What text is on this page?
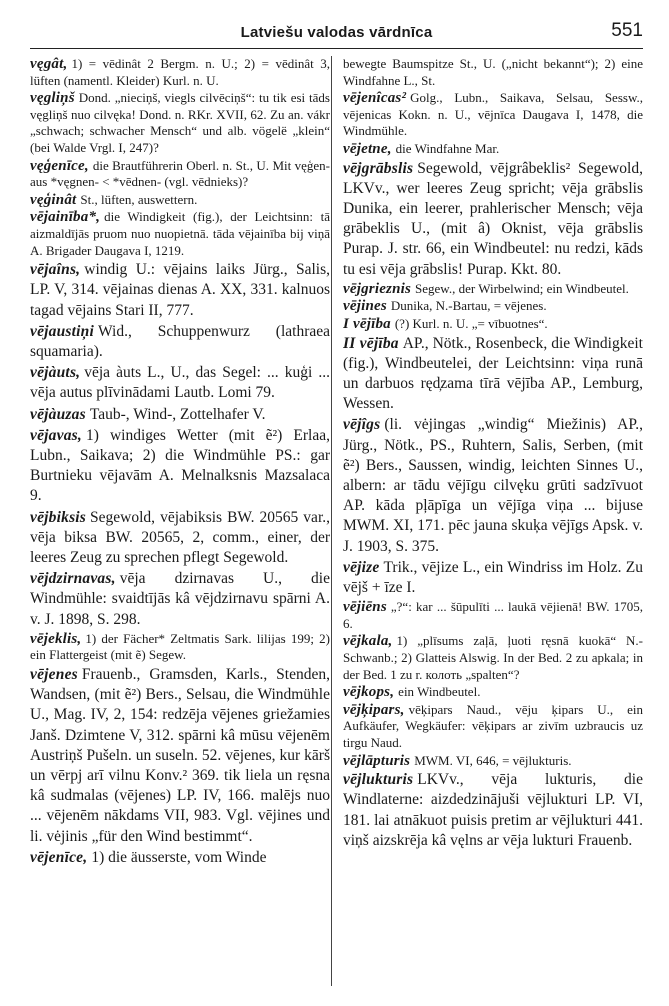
Latviešu valodas vārdnīca	551

vęgât, 1) = vēdinât 2 Bergm. n. U.; 2) = vēdinât 3, lüften (namentl. Kleider) Kurl. n. U.

vęgliņš Dond. „nieciņš, viegls cilvēciņš“: tu tik esi tāds vęgliņš nuo cilvęka! Dond. n. RKr. XVII, 62. Zu an. vákr „schwach; schwacher Mensch“ und alb. vögelë „klein“ (bei Walde Vrgl. I, 247)?

vęģenīce, die Brautführerin Oberl. n. St., U. Mit vęģen- aus *vęgnen- < *vēdnen- (vgl. vēdnieks)?

vęģinât St., lüften, auswettern.

vējainība*, die Windigkeit (fig.), der Leichtsinn: tā aizmaldījās pruom nuo nuopietnā. tāda vējainība bij viņā A. Brigader Daugava I, 1219.

vējaîns, windig U.: vējains laiks Jürg., Salis, LP. V, 314. vējainas dienas A. XX, 331. kalnuos tagad vējains Stari II, 777.

vējaustiņi Wid., Schuppenwurz (lathraea squamaria).

vējàuts, vēja àuts L., U., das Segel: ... kuģi ... vēja autus plīvinādami Lautb. Lomi 79.

vējàuzas Taub-, Wind-, Zottelhafer V.

vējavas, 1) windiges Wetter (mit ẽ²) Erlaa, Lubn., Saikava; 2) die Windmühle PS.: gar Burtnieku vējavām A. Melnalksnis Mazsalaca 9.

vējbiksis Segewold, vējabiksis BW. 20565 var., vēja biksa BW. 20565, 2, comm., einer, der leeres Zeug zu sprechen pflegt Segewold.

vējdzirnavas, vēja dzirnavas U., die Windmühle: svaidtījās kâ vējdzirnavu spārni A. v. J. 1898, S. 298.

vējeklis, 1) der Fächer* Zeltmatis Sark. lilijas 199; 2) ein Flattergeist (mit ẽ) Segew.

vējenes Frauenb., Gramsden, Karls., Stenden, Wandsen, (mit ẽ²) Bers., Selsau, die Windmühle U., Mag. IV, 2, 154: redzēja vējenes griežamies Janš. Dzimtene V, 312. spārni kâ mūsu vējenēm Austriņš Pušeln. un suseln. 52. vējenes, kur kārš un vērpj arī vilnu Konv.² 369. tik liela un ręsna kâ sudmalas (vējenes) LP. IV, 166. malējs nuo ... vējenēm nākdams VII, 983. Vgl. vējines und li. vėjinis „für den Wind bestimmt“.

vējenīce, 1) die äusserste, vom Winde

bewegte Baumspitze St., U. („nicht bekannt“); 2) eine Windfahne L., St.

vējenîcas² Golg., Lubn., Saikava, Selsau, Sessw., vējenicas Kokn. n. U., vējnīca Daugava I, 1478, die Windmühle.

vējetne, die Windfahne Mar.

vējgrābslis Segewold, vējgrâbeklis² Segewold, LKVv., wer leeres Zeug spricht; vēja grābslis Dunika, ein leerer, prahlerischer Mensch; vēja grābeklis U., (mit â) Oknist, vēja grābslis Purap. J. str. 66, ein Windbeutel: nu redzi, kāds tu esi vēja grābslis! Purap. Kkt. 80.

vējgrieznis Segew., der Wirbelwind; ein Windbeutel.

vējines Dunika, N.-Bartau, = vējenes.

I vējība (?) Kurl. n. U. „= vībuotnes“.

II vējība AP., Nötk., Rosenbeck, die Windigkeit (fig.), Windbeutelei, der Leichtsinn: viņa runā un darbuos ręd̦zama tīrā vējība AP., Lemburg, Wessen.

vējîgs (li. vėjingas „windig“ Miežinis) AP., Jürg., Nötk., PS., Ruhtern, Salis, Serben, (mit ẽ²) Bers., Saussen, windig, leichten Sinnes U., albern: ar tādu vējīgu cilvęku grūti sadzīvuot AP. kāda pļāpīga un vējīga viņa ... bijuse MWM. XI, 171. pēc jauna skuķa vējīgs Apsk. v. J. 1903, S. 375.

vējize Trik., vējize L., ein Windriss im Holz. Zu vējš + īze I.

vējiēns „?“: kar ... šūpulīti ... laukā vējienā! BW. 1705, 6.

vējkala, 1) „plīsums zaļā, ļuoti ręsnā kuokā“ N.-Schwanb.; 2) Glatteis Alswig. In der Bed. 2 zu apkala; in der Bed. 1 zu r. колоть „spalten“?

vējkops, ein Windbeutel.

vējķipars, vēķipars Naud., vēju ķipars U., ein Aufkäufer, Wegkäufer: vēķipars ar zivīm uzbraucis uz tirgu Naud.

vējlāpturis MWM. VI, 646, = vējlukturis.

vējlukturis LKVv., vēja lukturis, die Windlaterne: aizdedzinājuši vējlukturi LP. VI, 181. lai atnākuot puisis pretim ar vējlukturi 441. viņš aizskrēja kâ vęlns ar vēja lukturi Frauenb.
